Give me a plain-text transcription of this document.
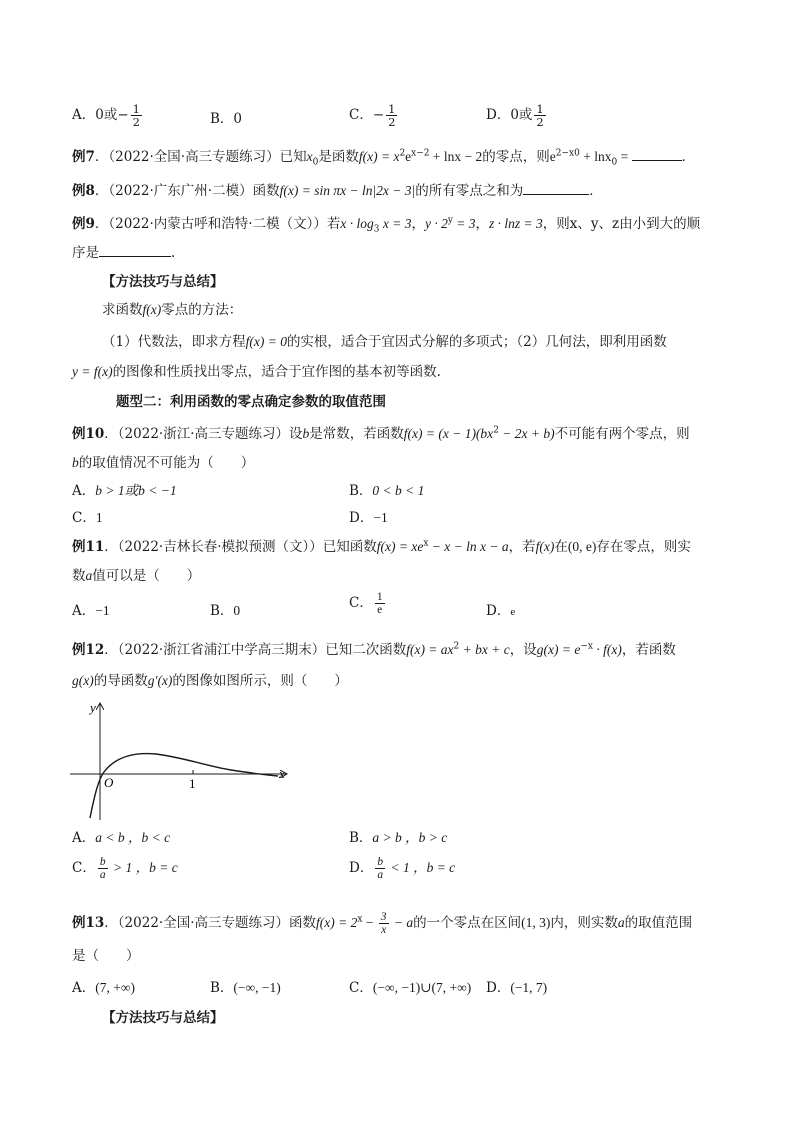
A．0或− $\frac{1}{2}$	B．0	C．− $\frac{1}{2}$	D．0或 $\frac{1}{2}$
例7．（2022·全国·高三专题练习）已知$x_0$是函数$f(x) = x^2e^{x-2} + \ln x - 2$的零点，则$e^{2-x0} + \ln x_0$ =	．
例8．（2022·广东广州·二模）函数f(x) = sin πx − ln|2x − 3|的所有零点之和为	．
例9．（2022·内蒙古呼和浩特·二模（文））若$x \cdot \log_3 x = 3$，$y \cdot 2^y = 3$，z · lnz = 3，则x、y、z由小到大的顺
序是	.
【方法技巧与总结】
求函数f(x)零点的方法：
（1）代数法，即求方程f(x) = 0的实根，适合于宜因式分解的多项式；（2）几何法，即利用函数
y = f(x)的图像和性质找出零点，适合于宜作图的基本初等函数.
题型二：利用函数的零点确定参数的取值范围
例10．（2022·浙江·高三专题练习）设b是常数，若函数$f(x) = (x - 1)(bx^2 - 2x + b)$不可能有两个零点，则
b的取值情况不可能为（　　）
A．b > 1或b < −1	B．0 < b < 1
C．1	D．−1
例11．（2022·吉林长春·模拟预测（文））已知函数$f(x) = xe^x - x - \ln x - a$，若f(x)在(0, e)存在零点，则实
数a值可以是（　　）
A．−1	B．0	C． $\frac{1}{e}$	D．e
例12．（2022·浙江省浦江中学高三期末）已知二次函数$f(x) = ax^2$ + bx + c，设$g(x) = e^{-x} \cdot f(x)$，若函数
g(x)的导函数g′(x)的图像如图所示，则（　　）
y
x
O	1
A．a < b ，b < c	B．a > b ，b > c
C． $\frac{b}{a} > 1$ ，b = c	D． $\frac{b}{a} < 1$ ，b = c
例13．（2022·全国·高三专题练习）函数$f(x) = 2^x - \frac{3}{x} - a$的一个零点在区间(1, 3)内，则实数a的取值范围
是（　　）
A．(7, +∞)	B．(−∞, −1)	C．(−∞, −1)∪(7, +∞) D．(−1, 7)
【方法技巧与总结】
